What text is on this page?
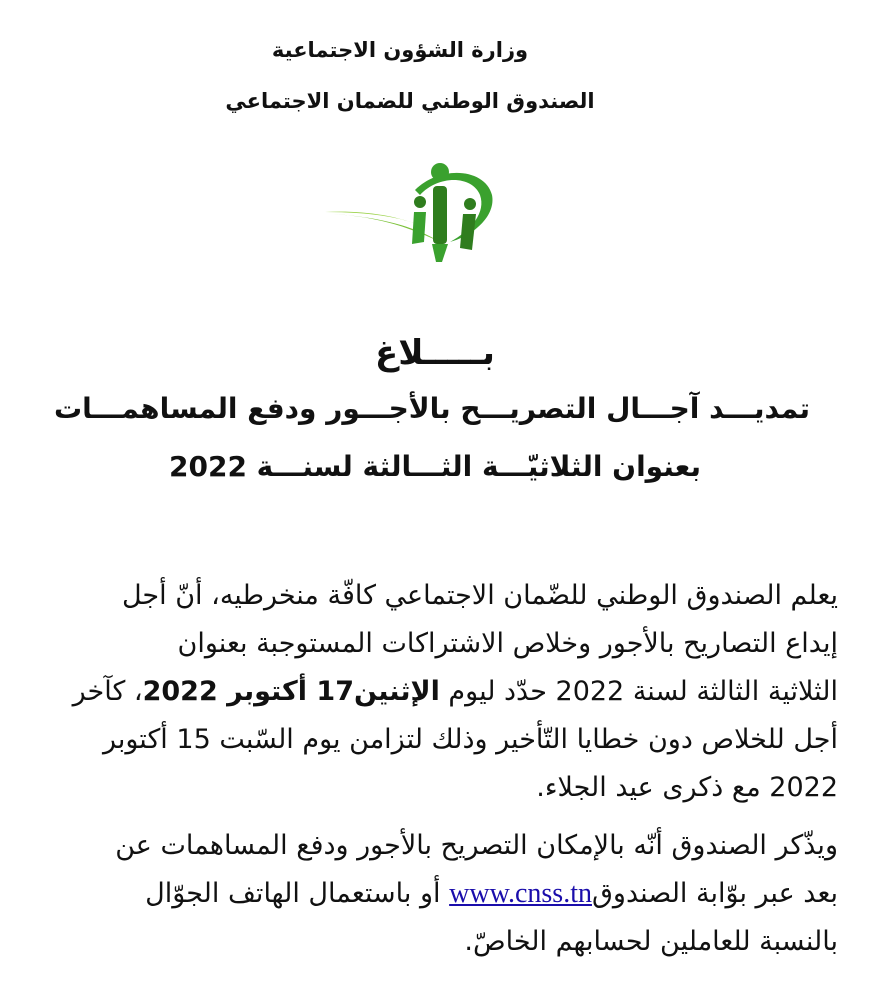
وزارة الشؤون الاجتماعية
الصندوق الوطني للضمان الاجتماعي
بـــــلاغ
تمديـــد آجـــال التصريـــح بالأجـــور ودفع المساهمـــات
بعنوان الثلاثيّـــة الثـــالثة لسنـــة 2022
يعلم الصندوق الوطني للضّمان الاجتماعي كافّة منخرطيه، أنّ أجل
إيداع التصاريح بالأجور وخلاص الاشتراكات المستوجبة بعنوان
الثلاثية الثالثة لسنة 2022 حدّد ليوم الإثنين17 أكتوبر 2022، كآخر
أجل للخلاص دون خطايا التّأخير وذلك لتزامن يوم السّبت 15 أكتوبر
2022 مع ذكرى عيد الجلاء.
ويذّكر الصندوق أنّه بالإمكان التصريح بالأجور ودفع المساهمات عن
بعد عبر بوّابة الصندوقwww.cnss.tn أو باستعمال الهاتف الجوّال
بالنسبة للعاملين لحسابهم الخاصّ.
